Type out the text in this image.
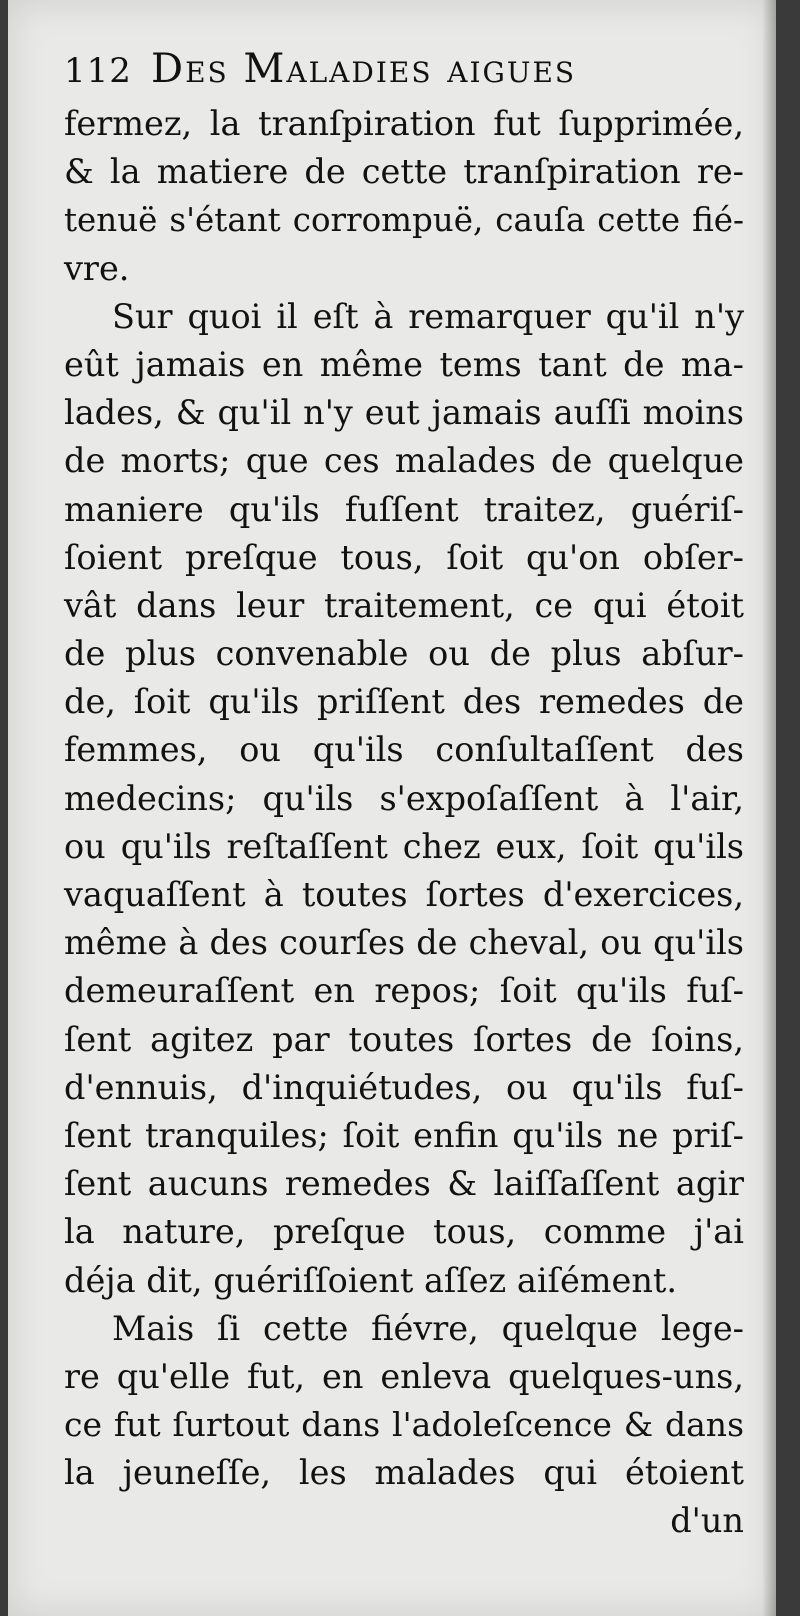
112 Des Maladies aigues
fermez, la tranſpiration fut ſupprimée,
& la matiere de cette tranſpiration re-
tenuë s'étant corrompuë, cauſa cette fié-
vre.
Sur quoi il eſt à remarquer qu'il n'y
eût jamais en même tems tant de ma-
lades, & qu'il n'y eut jamais auſſi moins
de morts; que ces malades de quelque
maniere qu'ils fuſſent traitez, guériſ-
ſoient preſque tous, ſoit qu'on obſer-
vât dans leur traitement, ce qui étoit
de plus convenable ou de plus abſur-
de, ſoit qu'ils priſſent des remedes de
femmes, ou qu'ils conſultaſſent des
medecins; qu'ils s'expoſaſſent à l'air,
ou qu'ils reſtaſſent chez eux, ſoit qu'ils
vaquaſſent à toutes ſortes d'exercices,
même à des courſes de cheval, ou qu'ils
demeuraſſent en repos; ſoit qu'ils fuſ-
ſent agitez par toutes ſortes de ſoins,
d'ennuis, d'inquiétudes, ou qu'ils fuſ-
ſent tranquiles; ſoit enfin qu'ils ne priſ-
ſent aucuns remedes & laiſſaſſent agir
la nature, preſque tous, comme j'ai
déja dit, guériſſoient aſſez aiſément.
Mais ſi cette fiévre, quelque lege-
re qu'elle fut, en enleva quelques-uns,
ce fut ſurtout dans l'adoleſcence & dans
la jeuneſſe, les malades qui étoient
d'un
